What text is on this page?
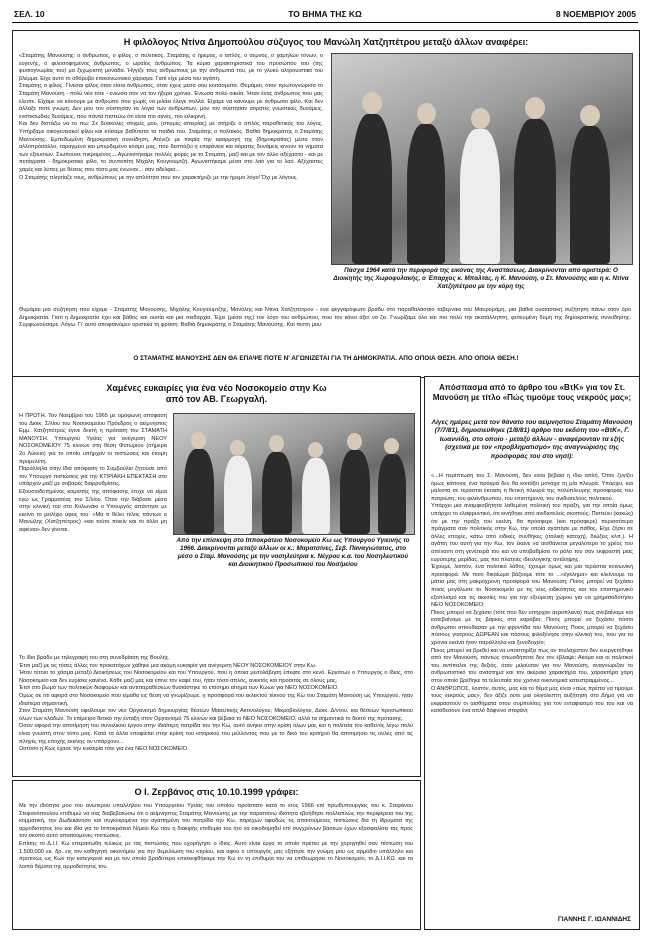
ΣΕΛ. 10	ΤΟ ΒΗΜΑ ΤΗΣ ΚΩ	8 ΝΟΕΜΒΡΙΟΥ 2005
Η φιλόλογος Ντίνα Δημοπούλου σύζυγος του Μανώλη Χατζηπέτρου μεταξύ άλλων αναφέρει:
«Σταμάτης Μανούσης: ο άνθρωπος, ο φίλος, ο πολιτικός. Σταμάτης ο ήρεμος, ο απλός, ο σεμνός, ο χαμηλών τόνων, ο ευγενής, ο φιλοσοφημένος άνθρωπος, ο ωραίος άνθρωπος. Τα κύρια χαρακτηριστικά του προσώπου του (της φυσιογνωμίας του) μα ξεχωριστή μονάδα. Ήγγιζε τους ανθρώπους με την ανθρωπιά του, με το γλυκύ αλτρουιστικό του βλέμμα. Είχε αυτό το αθόρυβο επικοινωνιακό χάρισμα. Γιατί είχε μέσα του αγάπη.
Σταμάτης ο φίλος. Γίνεσαι φίλος όταν είσαι άνθρωπος, όταν έχεις μέσα σου κοιτάσματα. Θυμάμαι, όταν πρωτογνώρισα το Σταμάτη Μανούση - πολύ νέα τότε - ένιωσα σαν να τον ήξερα χρόνια. Ένιωσα πολύ οικεία. Ήταν ένας άνθρωπος που μας έλειπε. Είχαμε να κάνουμε με άνθρωπο που χωρίς να μιλάει έλεγε πολλά. Είχαμε να κάνουμε με άνθρωπο φίλο. Και δεν άλλαξε ποτέ γνώμη. Δεν μου τον σύστησαν τα λόγια των ανθρώπων, μου τον σύστησαν αόρατες γνωστικές δυνάμεις, ενστικτώδεις δυνάμεις, που πάντα πιστεύω ότι είναι πιο αγνές, πιο ειλικρινή.
Και δεν διστάζω να το πω: Σε δύσκολες στιγμές μου, (στιγμές απειρίας) με στήριξε ο απλός παραθετικός του λόγος. Υπήρξαμε οικογενειακοί φίλοι και κτίσαμε βαθύτατα τα παιδιά του. Σταμάτης ο πολιτικός. Βαθιά δημοκράτης ο Σταμάτης Μανούσης. Εμπεδωμένη δημοκρατική συνείδηση. Ατένιζε με πικρία την εφαρμογή της (δημοκρατίας) μέσα στον αλλοπρόσαλλο, ταραγμένο και μπερδεμένο κόσμο μας, που δεσπόζει η επιφάνεια και αόρατες δυνάμεις κινούν τα νήματα των εξουσιών. Σιωπούσε πικραμένος....Αγωνιστήκαμε πολλές φορές με το Σταμάτη, μαζί και με τον άλλο αξέχαστο - και με πετάγματα - δημοκρατικό φίλο, το συντοπίτη Μιχάλη Κουγιουμτζή. Αγωνιστήκαμε μέσα στο λαό για το λαό. Αξέχαστες χαρές και λύπες με θέσεις που τόσο μας ένωναν... σαν αδέλφια...
Ο Σταμάτης πλησίαζε τους, ανθρώπους με την απλότητα που τον χαρακτήριζε με την ήρεμο λόγο! Όχι με λόγους.
Πάσχα 1964 κατά την περιφορά της εικόνας της Αναστάσεως. Διακρίνονται από αριστερά: Ο Διοικητής της Χωροφυλακής, ο Έπαρχος κ. Μπαλτάς, η Κ. Μανούση, ο Στ. Μανούσης και η κ. Ντίνα Χατζηπέτρου με την κόρη της
Θυμάμαι μια συζήτηση που είχαμε - Σταμάτης Μανούσης, Μιχάλης Κουγιουμτζής, Μανόλης και Ντίνα Χατζηπέτρου - ένα φεγγαρόφωτο βράδυ στο παραθαλάσσιο ταβερνάκι του Μαυροράμη, μια βαθιά ουσιαστική συζήτηση πάνω στον όρο Δημοκρατία. Γιατί η Δημοκρατία έχει και βάθος και ουσία και μια πειθαρχία. Έχει (μέσα της) τον λόγο του ανθρώπου, που τον κάνει άξιο να ζει. Γνωρίζαμε όλο και πιο πολύ την ακατάλληπτη, φυτευμένη δομή της δημοκρατικής συνείδησης. Συμφωνούσαμε. Λόγω. Γι' αυτό αποφαινόμεν οριστικά τη φράση: Βαθιά δημοκράτης ο Σταμάτης Μανούσης. Και πιστη μου:
Ο ΣΤΑΜΑΤΗΣ ΜΑΝΟΥΣΗΣ ΔΕΝ ΘΑ ΕΠΑΨΕ ΠΟΤΕ Ν' ΑΓΩΝΙΖΕΤΑΙ ΓΙΑ ΤΗ ΔΗΜΟΚΡΑΤΙΑ. ΑΠΟ ΟΠΟΙΑ ΘΕΣΗ. ΑΠΟ ΟΠΟΙΑ ΘΕΣΗ.!
Χαμένες ευκαιρίες για ένα νέο Νοσοκομείο στην Κω από τον ΑΒ. Γεωργαλή.
Η ΠΡΩΤΗ. Τον Νοέμβριο του 1965 με ομόφωνη απόφαση του Διοικ. Σ/λίου του Νοσοκομείου Πρόεδρος ο αείμνηστος Εμμ. Χατζηπέτρος έγινε δεκτή η πρόταση του ΣΤΑΜΑΤΗ ΜΑΝΟΥΣΗ. Υπουργού Υγείας για ανέγερση ΝΕΟΥ ΝΟΣΟΚΟΜΕΙΟΥ 75 κλινών στη θέση Φυτώριου (σήμερα 2ο Λύκειο) για το οποίο υπήρχαν οι πιστώσεις και έτοιμη προμελέτη.
Παράλληλα στην ίδια απόφαση το Συμβούλιο ζητούσε από τον Υπουργό πιστώσεις για την ΚΤΙΡΙΑΚΗ ΕΠΕΚΤΑΣΗ στο υπάρχον μαζί με σοβαρές διαρρυθμίσεις.
Εξουσιοδοτημένος κομιστής της απόφασης έτυχε να είμαι εγώ ως Γραμματέας του Σ/λίου. Όταν την διάβασε μέσα στην κλινική του στο Κολωνάκι ο Υπουργός απάντησε με εκείνο το μειλίχιο ύφος του: «Μα τι θέλει τέλος πάντων ο Μανώλης (Χατζηπέτρος) «και τούτο ποιείν και το άλλο μη αφιέναι» δεν γίνεται.
Από την επίσκεψη στο Ιπποκράτειο Νοσοκομείο Κω ως Υπουργού Υγιεινής το 1966. Διακρίνονται μεταξύ άλλων οι κ.: Μαρατσίνες, Σεβ. Παναγιώτατος, στο μέσο ο Σταμ. Μανούσης με την νοσηλεύτρια κ. Νέγρου κ.α. του Νοσηλευτικού και Διοικητικού Προσωπικού του Νοσ/μείου
Το ίδιο βράδυ με τηλεγραφή του στη συνεδρίαση της Βουλής.
Έτσι μαζί με τις τόσες άλλες τον προκατόχων χάθηκε μια ακόμη ευκαιρία για ανέγερση ΝΕΟΥ ΝΟΣΟΚΟΜΕΙΟΥ στην Κω.
Ήταν τέτοιο το χάσμα μεταξύ Διοικήσεως του Νοσοκομείου και του Υπουργού, που η όποια μεσολάβηση έπεφτε στο κενό. Εργάτων ο Υπουργός ο ίδιος, στο Νοσοκομείο και δεν ευρίσκε κανένα. Κάθε μαζί μας και έπινε τον καφέ του, ήταν τόσο απλός, ανεκτός και προσιτός σε όλους μας.
Έτσι στο βωμό των πολιτικών διαφορών και αντιπαραθέσεων θυσιάστηκε το επίσημο αίτημα των Κώων για ΝΕΟ ΝΟΣΟΚΟΜΕΙΟ.
Όμως σε ότι αφορά στο Νοσοκομείο που είμαθα εις θέση να γνωρίζουμε, η προσφορά του εκλεκτού τέκνου της Κω του Σταμάτη Μανούση ως Υπουργού, ήταν ιδιαίτερα σημαντική.
Στον Σταμάτη Μανούση οφείλουμε τον νέο Οργανισμό δημιουργίας θέσεων Μαιευτικής Ακτινολόγου, Μικροβιολόγου, Διοικ. Δ/ντου, και θέσεων προσωπικού όλων των κλάδων. Το επίμετρο θετικό την ένταξη στον Οργανισμό 75 κλινών και βέβαια το ΝΕΟ ΝΟΣΟΚΟΜΕΙΟ, αλλά τα σημαντικά το δεκτό της πρότασης.
Όσον αφορά την αποτίμηση του συνολικού έργου στην ιδιαίτερη πατρίδα του την Κω, αυτό ανήκει στην κρίση όλων μας και η πολιτεία του καθενός λέγω πολύ είναι γνωστή στον τόπο μας. Κατά τα άλλα επαφίεται στην κρίση του ιστορικού του μέλλοντος που με το δικό του κριτήριο θα αποτιμήσει τις ουλές από τις πληγές της εποχής εκείνης αν υπάρχουν...
Ωστόσο η Κως έχασε την ευκαιρία τότε για ένα ΝΕΟ ΝΟΣΟΚΟΜΕΙΟ.
Απόσπασμα από το άρθρο του «ΒτΚ» για τον Στ. Μανούση με τίτλο «Πώς τιμούμε τους νεκρούς μας»;
Λίγες ημέρες μετά τον θάνατο του αείμνηστου Σταμάτη Μανούση (7/7/81), δημοσιεύθηκε (1/8/81) άρθρο του εκδότη του «ΒτΚ», Γ. Ιωαννίδη, στο οποίο - μεταξύ άλλων - αναφέρονταν τα εξής (σχετικά με τον «προβληματισμό» της αναγνώρισης της προσφοράς του στο νησί):
«...Η περίπτωση του Σ. Μανούση, δεν είναι βέβαια η ίδιο απλή. Όταν ζυγίζει όμως κάποιος ένα πράγμα δεν θα κοιτάξει μονάχα τη μία πλευρά. Υπάρχει, και μάλιστα σε τεράστια έκταση η θετική πλευρά της πολύπλευρης προσφοράς του πατριώτη, του φιλάνθρωπου, του επιστήμονα, του ανιδιοτελούς πολιτικού.
Υπάρχει μια αναμφισβήτητα λαθεμένη πολιτική του πράξη, για την οποία όμως υπάρχει το ελαφρυντικό, ότι κινήθηκε από ανιδιοτελείς σκοπούς. Πιστεύει (κακώς) ότι με την πράξη του εκείνη, θα πρόσφερε (και πρόσφερε) περισσότερα πράγματα σαν πολιτικός στην Κω, την οποία αγάπησε με πάθος. Είχε ζήσει σε άλλες εποχές, κάτω από ειδικές συνθήκες (ιταλική κατοχή), διώξεις κλπ.). Η αγάπη του αυτή για την Κω, τον έκανε να αισθάνεται μεγαλύτερο το χρέος του απέναντι στη γενέτειρά του και να υποβαθμίσει το ρόλο του σαν εκφραστή μιας ευρύτερης μερίδας, μας πιο πλατειές ιδεολογικής αντίληψης.
Έχουμε, λοιπόν, ένα πολιτικό λάθος, έχουμε όμως και μια τεράστια κοινωνική προσφορά. Με ποιο δικαίωμα βάζουμε τότε το ...«έγκλημα» και κλείνουμε τα μάτια μας στη μακρόχρονη προσφορά του Μανούση; Ποιος μπορεί να ξεχάσει ποιος μεγάλωσε το Νοσοκομείο με τις νέες ειδικότητες και τον επιστημονικό εξοπλισμό και τις ακεσίες του για την εξεύρεση χώρου για να χρηματοδοτήσει ΝΕΟ ΝΟΣΟΚΟΜΕΙΟ;
Ποιος μπορεί να ξεχάσει (τότε που δεν υπήρχαν αεροπλάνα) πως ανεβαίναμε και κατεβαίναμε με τις βάρκες στα καράβια; Ποιος μπορεί να ξεχάσει πόσοι άνθρωποι σπούδασαν με την φροντίδα του Μανούση; Ποιος μπορεί να ξεχάσει πόσους γιατρούς ΔΩΡΕΑΝ και πόσους φιλοξένησε στην κλινική του, που για τα χρόνια εκείνα ήταν παράλληλα και ξενοδοχείο;
Ποιος μπορεί να βρεθεί και να υποστηρίξει πως αν τουλάχιστον δεν ευεργετήθηκε από τον Μανούση, πάντως οπωσδήποτε δεν τον έβλαψε; Ακόμα και οι πολιτικοί του αντίπαλοι της δεξιάς, όταν μιλούσαν για τον Μανούση, αναγνώριζαν το ανθρωπιστικό του ανάστημα και τον ακέραιο χαρακτήρα του, χαρακτήρα χάρη στον οποίο βρέθηκε τα τελευταία του χρόνια οικονομικά κατεστραμμένος...
Ο ΑΝΘΡΩΠΟΣ, λοιπόν, αυτός, μας και το θέμα μας είναι «πώς πρέπει να τιμούμε τους νεκρούς μας», δεν άξιζε ούτε μια ολιγόλεπτη αυξήτηση στο Δήμο για να εκφραστούν οι αισθήματα στου συμπολίτες για τον ενταφιασμό του του και να κατάθεσουν ένα απλό δάφνινο στεφάνι;
ΓΙΑΝΝΗΣ Γ. ΙΩΑΝΝΙΔΗΣ
Ο Ι. Ζερβάνος στις 10.10.1999 γράφει:
Με την ιδιότητα μου του ανώτερου υπαλλήλου του Υπουργείου Υγείας του οποίου προΐστατο κατά το έτος 1966 επί πρωθυπουργίας του κ. Στεφάνου Στεφανόπουλου επιθυμώ να σας διαβεβαιώσω ότι ο αείμνηστος Σταμάτης Μανούσης με την παραπάνω ιδιότητα εβοήθησε πολλαπλώς την περιφέρεια του της κομματική, την Δωδεκάνησο και συγκεκριμένα την αγαπημένη του πατρίδα την Κω, παρέχων αφειδώς τις απαιτούμενες πιστώσεις δια τη ίδρυματα της αρμοδιότητος του και ιδία για το Ιπποκράτειο Ν/μείο Κω που η διακιρής επιθυμία του ήτο να οικοδομηθεί επί συγχρόνων βάσεων έχων εξασφαλίσει τας προς τον σκοπό αυτό απαιτούμενες πιστώσεις.
Επίσης το Δ.Ι.Ι. Κω επεραιτώθη τελικώς με τας πιστώσεις που εχορήγησε ο ίδιος. Αυτό είναι έργο το οποίο πρέπει με την χορηγηθεί σαν πίστωση του 1.500.000 εκ. δρ. εις τον καθηγητή οικονόμου για την θεμελίωση του κτιρίου, και αφού ο υπουργός μας εξήτησε την γνώμη μου ως αρμόδιο υπάλληλο και προτινώς ως Κων την κατεγκρινέ και με τον οποίο βραδύτερο επισκεφθήκαμε την Κω εν τη επιθυμία του να επιθεωρήσει το Νοσοκομείο, το Δ.Ι.Ι.ΚΩ. και τα λοιπά θέματα της αρμοδιότητος του.
